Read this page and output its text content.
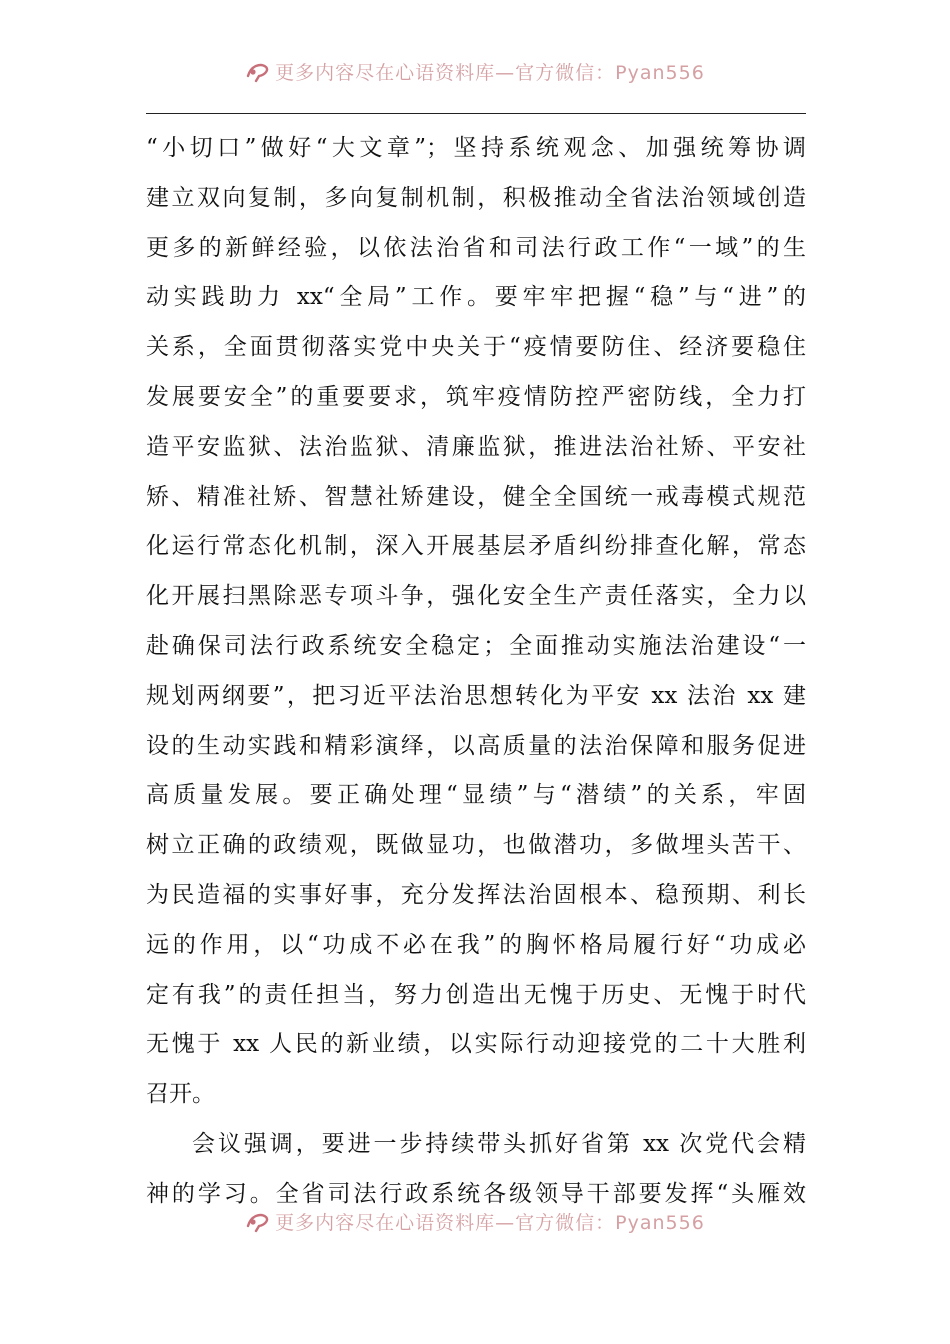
更多内容尽在心语资料库—官方微信：Pyan556
“小切口”做好“大文章”；坚持系统观念、加强统筹协调
建立双向复制，多向复制机制，积极推动全省法治领域创造
更多的新鲜经验，以依法治省和司法行政工作“一域”的生
动实践助力 xx“全局”工作。要牢牢把握“稳”与“进”的
关系，全面贯彻落实党中央关于“疫情要防住、经济要稳住
发展要安全”的重要要求，筑牢疫情防控严密防线，全力打
造平安监狱、法治监狱、清廉监狱，推进法治社矫、平安社
矫、精准社矫、智慧社矫建设，健全全国统一戒毒模式规范
化运行常态化机制，深入开展基层矛盾纠纷排查化解，常态
化开展扫黑除恶专项斗争，强化安全生产责任落实，全力以
赴确保司法行政系统安全稳定；全面推动实施法治建设“一
规划两纲要”，把习近平法治思想转化为平安 xx 法治 xx 建
设的生动实践和精彩演绎，以高质量的法治保障和服务促进
高质量发展。要正确处理“显绩”与“潜绩”的关系，牢固
树立正确的政绩观，既做显功，也做潜功，多做埋头苦干、
为民造福的实事好事，充分发挥法治固根本、稳预期、利长
远的作用，以“功成不必在我”的胸怀格局履行好“功成必
定有我”的责任担当，努力创造出无愧于历史、无愧于时代
无愧于 xx 人民的新业绩，以实际行动迎接党的二十大胜利
召开。
会议强调，要进一步持续带头抓好省第 xx 次党代会精
神的学习。全省司法行政系统各级领导干部要发挥“头雁效
更多内容尽在心语资料库—官方微信：Pyan556
